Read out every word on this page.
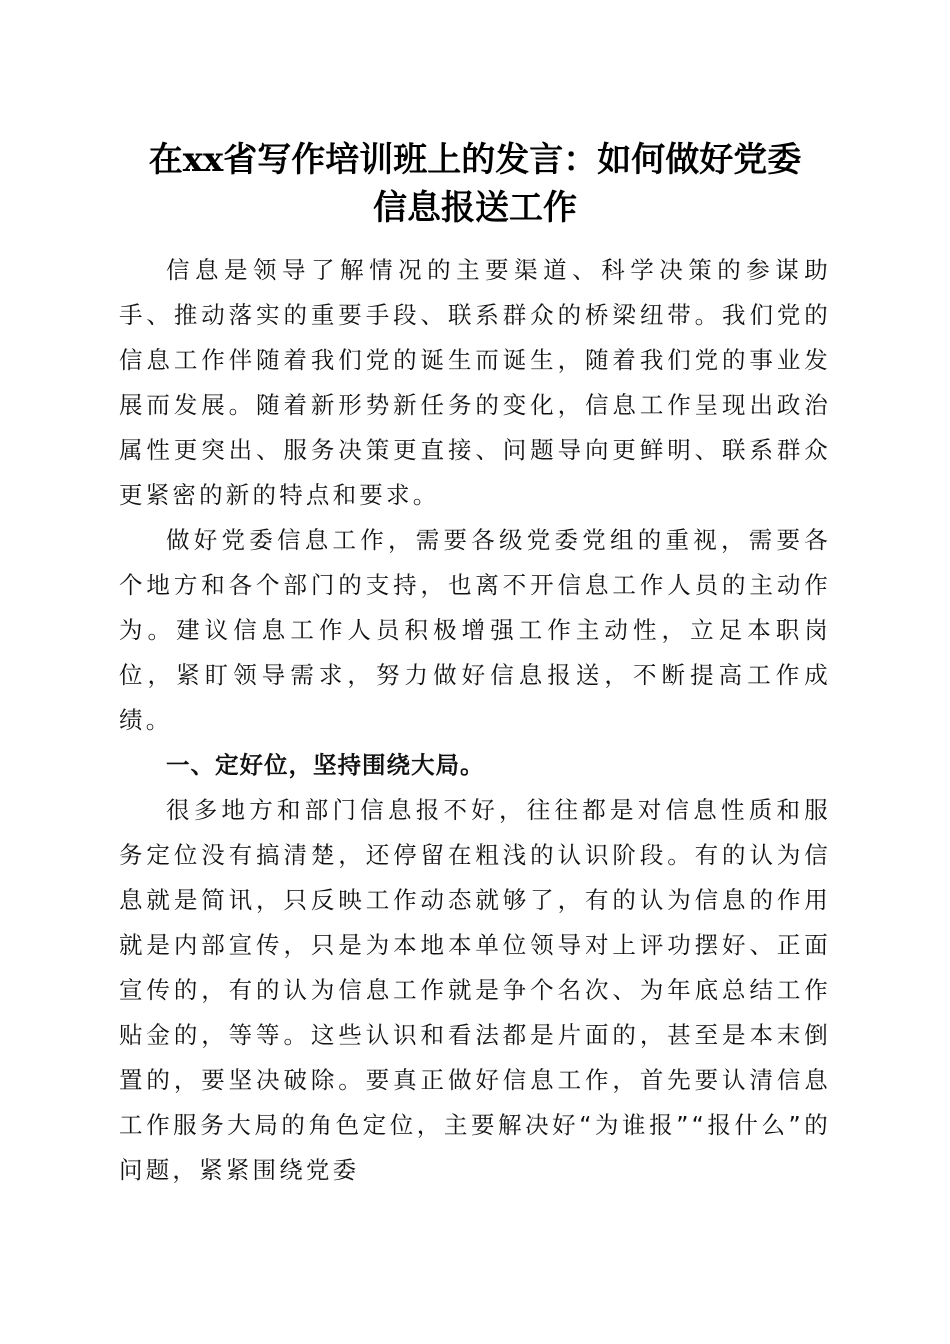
在xx省写作培训班上的发言：如何做好党委
信息报送工作

信息是领导了解情况的主要渠道、科学决策的参谋助手、推动落实的重要手段、联系群众的桥梁纽带。我们党的信息工作伴随着我们党的诞生而诞生，随着我们党的事业发展而发展。随着新形势新任务的变化，信息工作呈现出政治属性更突出、服务决策更直接、问题导向更鲜明、联系群众更紧密的新的特点和要求。

做好党委信息工作，需要各级党委党组的重视，需要各个地方和各个部门的支持，也离不开信息工作人员的主动作为。建议信息工作人员积极增强工作主动性，立足本职岗位，紧盯领导需求，努力做好信息报送，不断提高工作成绩。

一、定好位，坚持围绕大局。

很多地方和部门信息报不好，往往都是对信息性质和服务定位没有搞清楚，还停留在粗浅的认识阶段。有的认为信息就是简讯，只反映工作动态就够了，有的认为信息的作用就是内部宣传，只是为本地本单位领导对上评功摆好、正面宣传的，有的认为信息工作就是争个名次、为年底总结工作贴金的，等等。这些认识和看法都是片面的，甚至是本末倒置的，要坚决破除。要真正做好信息工作，首先要认清信息工作服务大局的角色定位，主要解决好“为谁报”“报什么”的问题，紧紧围绕党委
